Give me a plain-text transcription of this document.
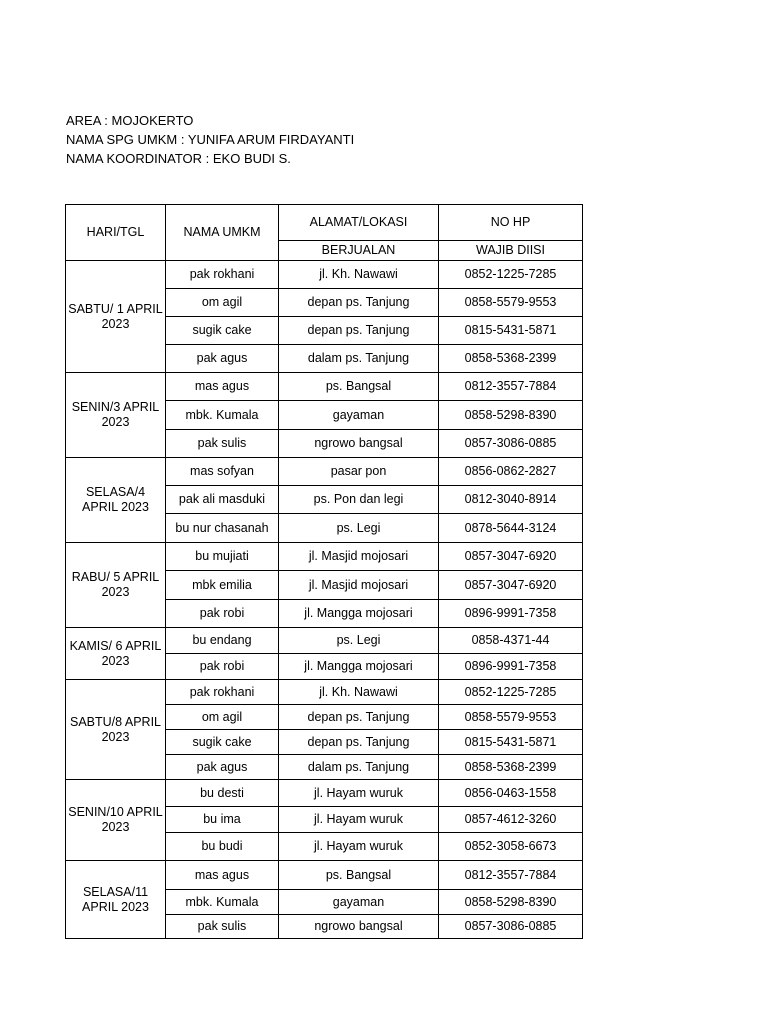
AREA : MOJOKERTO
NAMA SPG UMKM : YUNIFA ARUM FIRDAYANTI
NAMA KOORDINATOR : EKO BUDI S.
HARI/TGL	NAMA UMKM	ALAMAT/LOKASI	NO HP
		BERJUALAN	WAJIB DIISI
SABTU/ 1 APRIL 2023	pak rokhani	jl. Kh. Nawawi	0852-1225-7285
	om agil	depan ps. Tanjung	0858-5579-9553
	sugik cake	depan ps. Tanjung	0815-5431-5871
	pak agus	dalam ps. Tanjung	0858-5368-2399
SENIN/3 APRIL 2023	mas agus	ps. Bangsal	0812-3557-7884
	mbk. Kumala	gayaman	0858-5298-8390
	pak sulis	ngrowo bangsal	0857-3086-0885
SELASA/4 APRIL 2023	mas sofyan	pasar pon	0856-0862-2827
	pak ali masduki	ps. Pon dan legi	0812-3040-8914
	bu nur chasanah	ps. Legi	0878-5644-3124
RABU/ 5 APRIL 2023	bu mujiati	jl. Masjid mojosari	0857-3047-6920
	mbk emilia	jl. Masjid mojosari	0857-3047-6920
	pak robi	jl. Mangga mojosari	0896-9991-7358
KAMIS/ 6 APRIL 2023	bu endang	ps. Legi	0858-4371-44
	pak robi	jl. Mangga mojosari	0896-9991-7358
SABTU/8 APRIL 2023	pak rokhani	jl. Kh. Nawawi	0852-1225-7285
	om agil	depan ps. Tanjung	0858-5579-9553
	sugik cake	depan ps. Tanjung	0815-5431-5871
	pak agus	dalam ps. Tanjung	0858-5368-2399
SENIN/10 APRIL 2023	bu desti	jl. Hayam wuruk	0856-0463-1558
	bu ima	jl. Hayam wuruk	0857-4612-3260
	bu budi	jl. Hayam wuruk	0852-3058-6673
SELASA/11 APRIL 2023	mas agus	ps. Bangsal	0812-3557-7884
	mbk. Kumala	gayaman	0858-5298-8390
	pak sulis	ngrowo bangsal	0857-3086-0885
